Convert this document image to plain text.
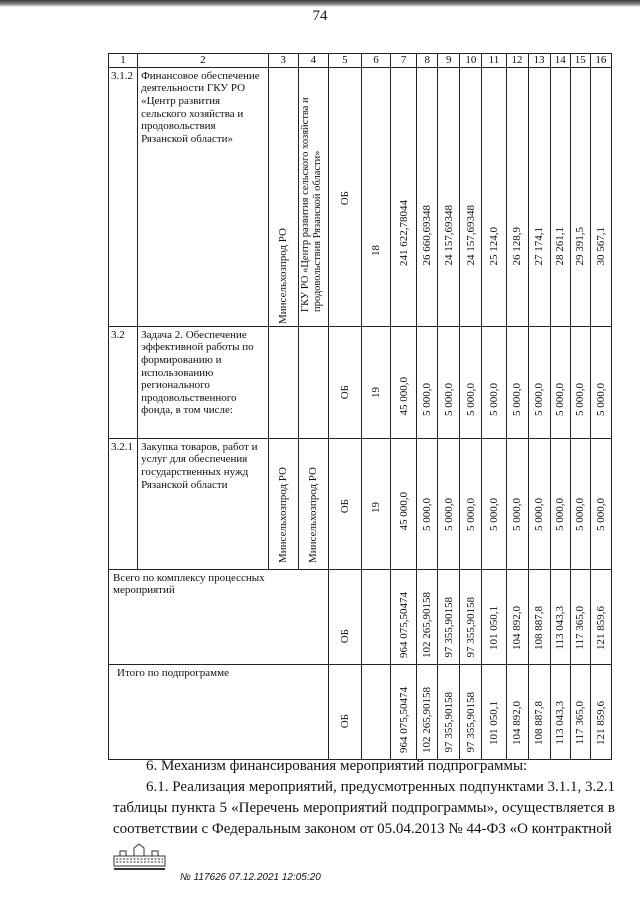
74
1	2	3	4	5	6	7	8	9	10	11	12	13	14	15	16
3.1.2	Финансовое обеспечение деятельности ГКУ РО «Центр развития сельского хозяйства и продовольствия Рязанской области»	Минсельхозпрод РО	ГКУ РО «Центр развития сельского хозяйства и продовольствия Рязанской области»	ОБ	18	241 622,78044	26 660,69348	24 157,69348	24 157,69348	25 124,0	26 128,9	27 174,1	28 261,1	29 391,5	30 567,1

3.2	Задача 2. Обеспечение эффективной работы по формированию и использованию регионального продовольственного фонда, в том числе:			ОБ	19	45 000,0	5 000,0	5 000,0	5 000,0	5 000,0	5 000,0	5 000,0	5 000,0	5 000,0	5 000,0

3.2.1	Закупка товаров, работ и услуг для обеспечения государственных нужд Рязанской области	Минсельхозпрод РО	Минсельхозпрод РО	ОБ	19	45 000,0	5 000,0	5 000,0	5 000,0	5 000,0	5 000,0	5 000,0	5 000,0	5 000,0	5 000,0

Всего по комплексу процессных мероприятий				ОБ		964 075,50474	102 265,90158	97 355,90158	97 355,90158	101 050,1	104 892,0	108 887,8	113 043,3	117 365,0	121 859,6

Итого по подпрограмме				ОБ		964 075,50474	102 265,90158	97 355,90158	97 355,90158	101 050,1	104 892,0	108 887,8	113 043,3	117 365,0	121 859,6
6. Механизм финансирования мероприятий подпрограммы:
6.1. Реализация мероприятий, предусмотренных подпунктами 3.1.1, 3.2.1 таблицы пункта 5 «Перечень мероприятий подпрограммы», осуществляется в соответствии с Федеральным законом от 05.04.2013 № 44-ФЗ «О контрактной
№ 117626 07.12.2021 12:05:20
